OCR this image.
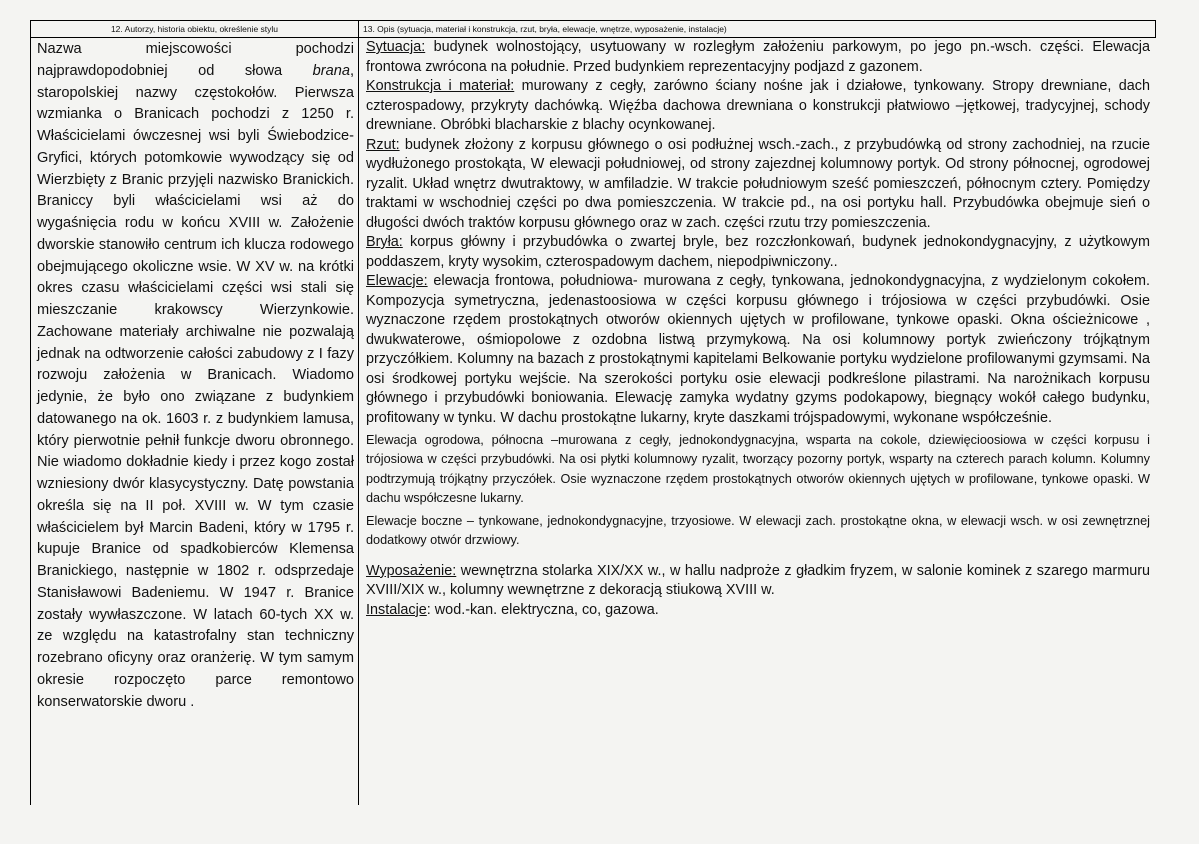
12. Autorzy, historia obiektu, określenie stylu

Nazwa miejscowości pochodzi najprawdopodobniej od słowa brana, staropolskiej nazwy częstokołów. Pierwsza wzmianka o Branicach pochodzi z 1250 r. Właścicielami ówczesnej wsi byli Świebodzice-Gryfici, których potomkowie wywodzący się od Wierzbięty z Branic przyjęli nazwisko Branickich. Braniccy byli właścicielami wsi aż do wygaśnięcia rodu w końcu XVIII w. Założenie dworskie stanowiło centrum ich klucza rodowego obejmującego okoliczne wsie. W XV w. na krótki okres czasu właścicielami części wsi stali się mieszczanie krakowscy Wierzynkowie. Zachowane materiały archiwalne nie pozwalają jednak na odtworzenie całości zabudowy z I fazy rozwoju założenia w Branicach. Wiadomo jedynie, że było ono związane z budynkiem datowanego na ok. 1603 r. z budynkiem lamusa, który pierwotnie pełnił funkcje dworu obronnego. Nie wiadomo dokładnie kiedy i przez kogo został wzniesiony dwór klasycystyczny. Datę powstania określa się na II poł. XVIII w. W tym czasie właścicielem był Marcin Badeni, który w 1795 r. kupuje Branice od spadkobierców Klemensa Branickiego, następnie w 1802 r. odsprzedaje Stanisławowi Badeniemu. W 1947 r. Branice zostały wywłaszczone. W latach 60-tych XX w. ze względu na katastrofalny stan techniczny rozebrano oficyny oraz oranżerię. W tym samym okresie rozpoczęto parce remontowo konserwatorskie dworu .

13. Opis (sytuacja, materiał i konstrukcja, rzut, bryła, elewacje, wnętrze, wyposażenie, instalacje)

Sytuacja: budynek wolnostojący, usytuowany w rozległym założeniu parkowym, po jego pn.-wsch. części. Elewacja frontowa zwrócona na południe. Przed budynkiem reprezentacyjny podjazd z gazonem.

Konstrukcja i materiał: murowany z cegły, zarówno ściany nośne jak i działowe, tynkowany. Stropy drewniane, dach czterospadowy, przykryty dachówką. Więźba dachowa drewniana o konstrukcji płatwiowo –jętkowej, tradycyjnej, schody drewniane. Obróbki blacharskie z blachy ocynkowanej.

Rzut: budynek złożony z korpusu głównego o osi podłużnej wsch.-zach., z przybudówką od strony zachodniej, na rzucie wydłużonego prostokąta, W elewacji południowej, od strony zajezdnej kolumnowy portyk. Od strony północnej, ogrodowej ryzalit. Układ wnętrz dwutraktowy, w amfiladzie. W trakcie południowym sześć pomieszczeń, północnym cztery. Pomiędzy traktami w wschodniej części po dwa pomieszczenia. W trakcie pd., na osi portyku hall. Przybudówka obejmuje sień o długości dwóch traktów korpusu głównego oraz w zach. części rzutu trzy pomieszczenia.

Bryła: korpus główny i przybudówka o zwartej bryle, bez rozczłonkowań, budynek jednokondygnacyjny, z użytkowym poddaszem, kryty wysokim, czterospadowym dachem, niepodpiwniczony..

Elewacje: elewacja frontowa, południowa- murowana z cegły, tynkowana, jednokondygnacyjna, z wydzielonym cokołem. Kompozycja symetryczna, jedenastoosiowa w części korpusu głównego i trójosiowa w części przybudówki. Osie wyznaczone rzędem prostokątnych otworów okiennych ujętych w profilowane, tynkowe opaski. Okna ościeżnicowe , dwukwaterowe, ośmiopolowe z ozdobna listwą przymykową. Na osi kolumnowy portyk zwieńczony trójkątnym przyczółkiem. Kolumny na bazach z prostokątnymi kapitelami Belkowanie portyku wydzielone profilowanymi gzymsami. Na osi środkowej portyku wejście. Na szerokości portyku osie elewacji podkreślone pilastrami. Na narożnikach korpusu głównego i przybudówki boniowania. Elewację zamyka wydatny gzyms podokapowy, biegnący wokół całego budynku, profitowany w tynku. W dachu prostokątne lukarny, kryte daszkami trójspadowymi, wykonane współcześnie.

Elewacja ogrodowa, północna –murowana z cegły, jednokondygnacyjna, wsparta na cokole, dziewięcioosiowa w części korpusu i trójosiowa w części przybudówki. Na osi płytki kolumnowy ryzalit, tworzący pozorny portyk, wsparty na czterech parach kolumn. Kolumny podtrzymują trójkątny przyczółek. Osie wyznaczone rzędem prostokątnych otworów okiennych ujętych w profilowane, tynkowe opaski. W dachu współczesne lukarny.

Elewacje boczne – tynkowane, jednokondygnacyjne, trzyosiowe. W elewacji zach. prostokątne okna, w elewacji wsch. w osi zewnętrznej dodatkowy otwór drzwiowy.

Wyposażenie: wewnętrzna stolarka XIX/XX w., w hallu nadproże z gładkim fryzem, w salonie kominek z szarego marmuru XVIII/XIX w., kolumny wewnętrzne z dekoracją stiukową XVIII w.

Instalacje: wod.-kan. elektryczna, co, gazowa.
